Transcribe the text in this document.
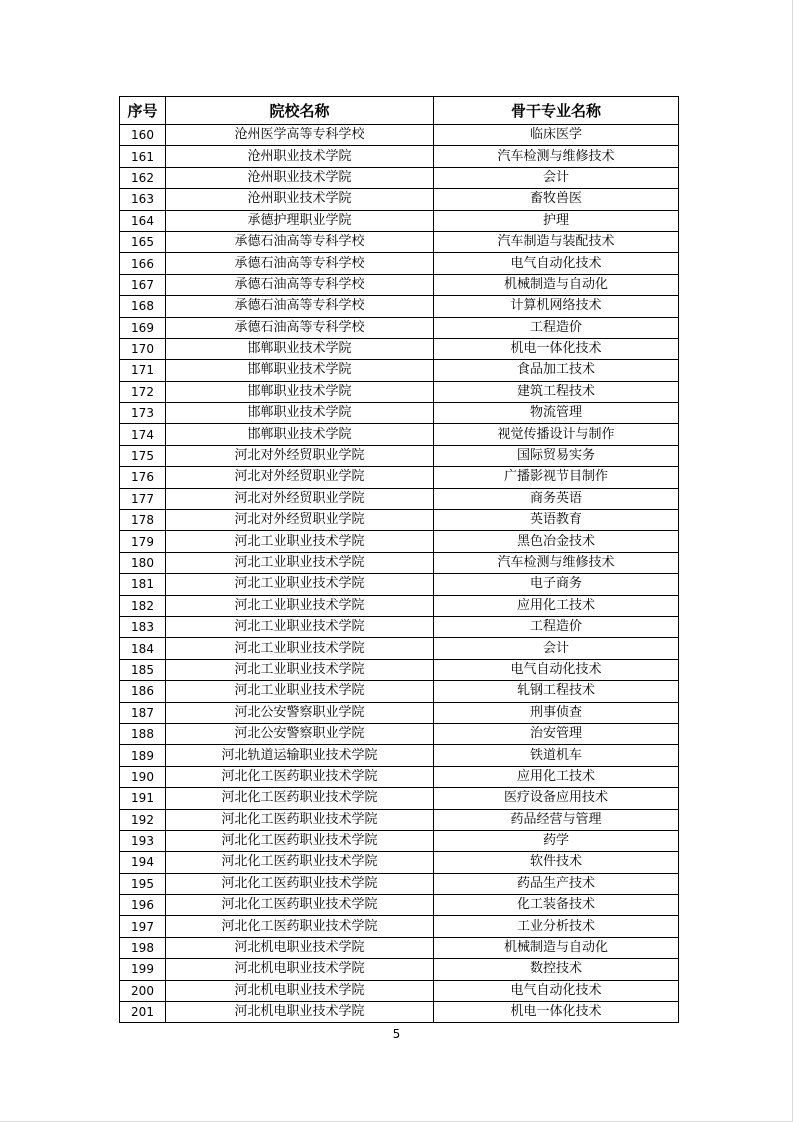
序号	院校名称	骨干专业名称
160	沧州医学高等专科学校	临床医学
161	沧州职业技术学院	汽车检测与维修技术
162	沧州职业技术学院	会计
163	沧州职业技术学院	畜牧兽医
164	承德护理职业学院	护理
165	承德石油高等专科学校	汽车制造与装配技术
166	承德石油高等专科学校	电气自动化技术
167	承德石油高等专科学校	机械制造与自动化
168	承德石油高等专科学校	计算机网络技术
169	承德石油高等专科学校	工程造价
170	邯郸职业技术学院	机电一体化技术
171	邯郸职业技术学院	食品加工技术
172	邯郸职业技术学院	建筑工程技术
173	邯郸职业技术学院	物流管理
174	邯郸职业技术学院	视觉传播设计与制作
175	河北对外经贸职业学院	国际贸易实务
176	河北对外经贸职业学院	广播影视节目制作
177	河北对外经贸职业学院	商务英语
178	河北对外经贸职业学院	英语教育
179	河北工业职业技术学院	黑色冶金技术
180	河北工业职业技术学院	汽车检测与维修技术
181	河北工业职业技术学院	电子商务
182	河北工业职业技术学院	应用化工技术
183	河北工业职业技术学院	工程造价
184	河北工业职业技术学院	会计
185	河北工业职业技术学院	电气自动化技术
186	河北工业职业技术学院	轧钢工程技术
187	河北公安警察职业学院	刑事侦查
188	河北公安警察职业学院	治安管理
189	河北轨道运输职业技术学院	铁道机车
190	河北化工医药职业技术学院	应用化工技术
191	河北化工医药职业技术学院	医疗设备应用技术
192	河北化工医药职业技术学院	药品经营与管理
193	河北化工医药职业技术学院	药学
194	河北化工医药职业技术学院	软件技术
195	河北化工医药职业技术学院	药品生产技术
196	河北化工医药职业技术学院	化工装备技术
197	河北化工医药职业技术学院	工业分析技术
198	河北机电职业技术学院	机械制造与自动化
199	河北机电职业技术学院	数控技术
200	河北机电职业技术学院	电气自动化技术
201	河北机电职业技术学院	机电一体化技术
5
